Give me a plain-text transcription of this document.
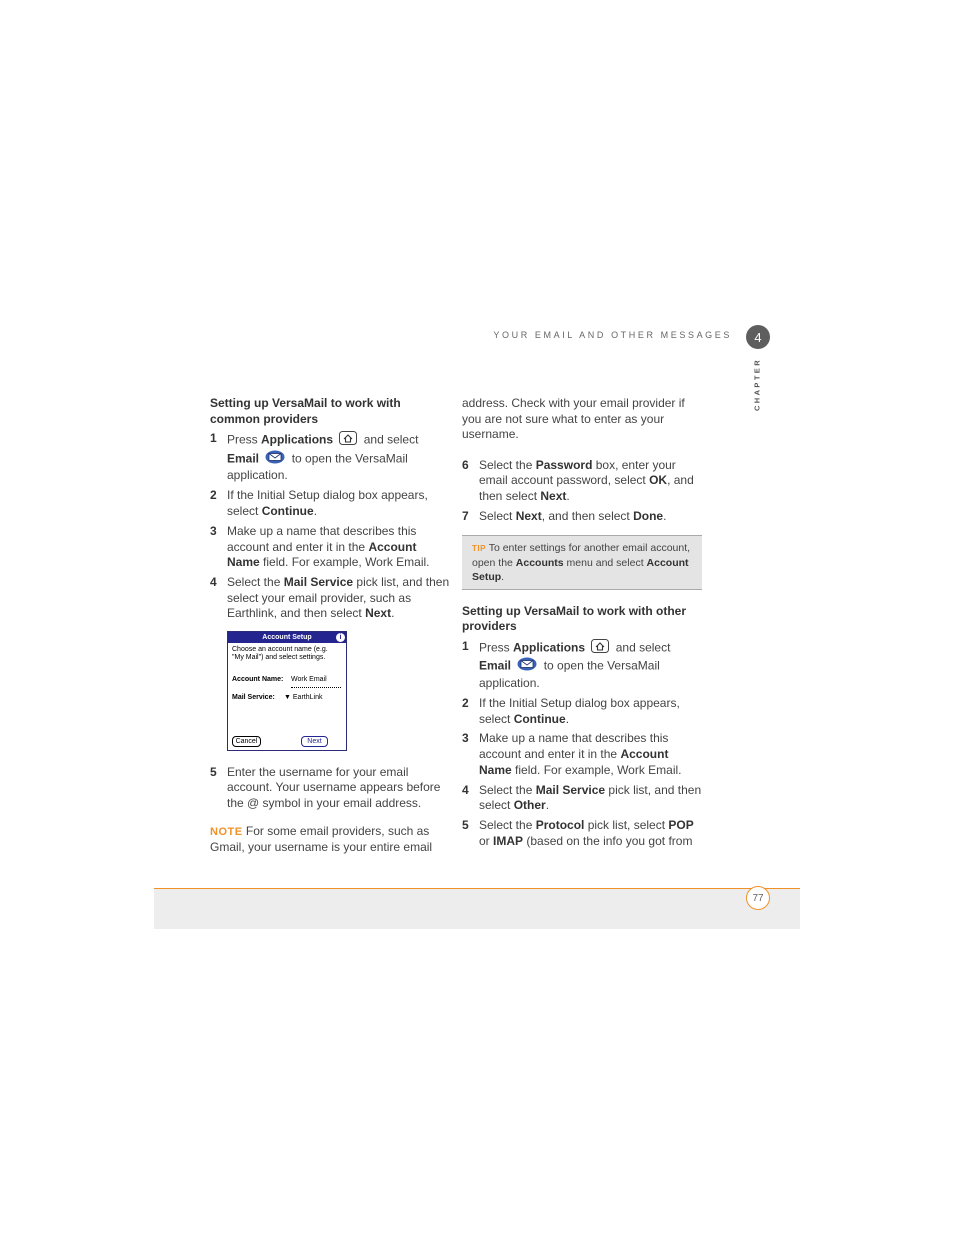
YOUR EMAIL AND OTHER MESSAGES	4
CHAPTER
Setting up VersaMail to work with common providers
1 Press Applications	and select Email	to open the VersaMail application.
2 If the Initial Setup dialog box appears, select Continue.
3 Make up a name that describes this account and enter it in the Account Name field. For example, Work Email.
4 Select the Mail Service pick list, and then select your email provider, such as Earthlink, and then select Next.
Account Setup	i
Choose an account name (e.g. "My Mail") and select settings.
Account Name: Work Email
Mail Service: ▼ EarthLink
Cancel	Next
5 Enter the username for your email account. Your username appears before the @ symbol in your email address.
NOTE For some email providers, such as Gmail, your username is your entire email
address. Check with your email provider if you are not sure what to enter as your username.
6 Select the Password box, enter your email account password, select OK, and then select Next.
7 Select Next, and then select Done.
TIP To enter settings for another email account, open the Accounts menu and select Account Setup.
Setting up VersaMail to work with other providers
1 Press Applications	and select Email	to open the VersaMail application.
2 If the Initial Setup dialog box appears, select Continue.
3 Make up a name that describes this account and enter it in the Account Name field. For example, Work Email.
4 Select the Mail Service pick list, and then select Other.
5 Select the Protocol pick list, select POP or IMAP (based on the info you got from
77
